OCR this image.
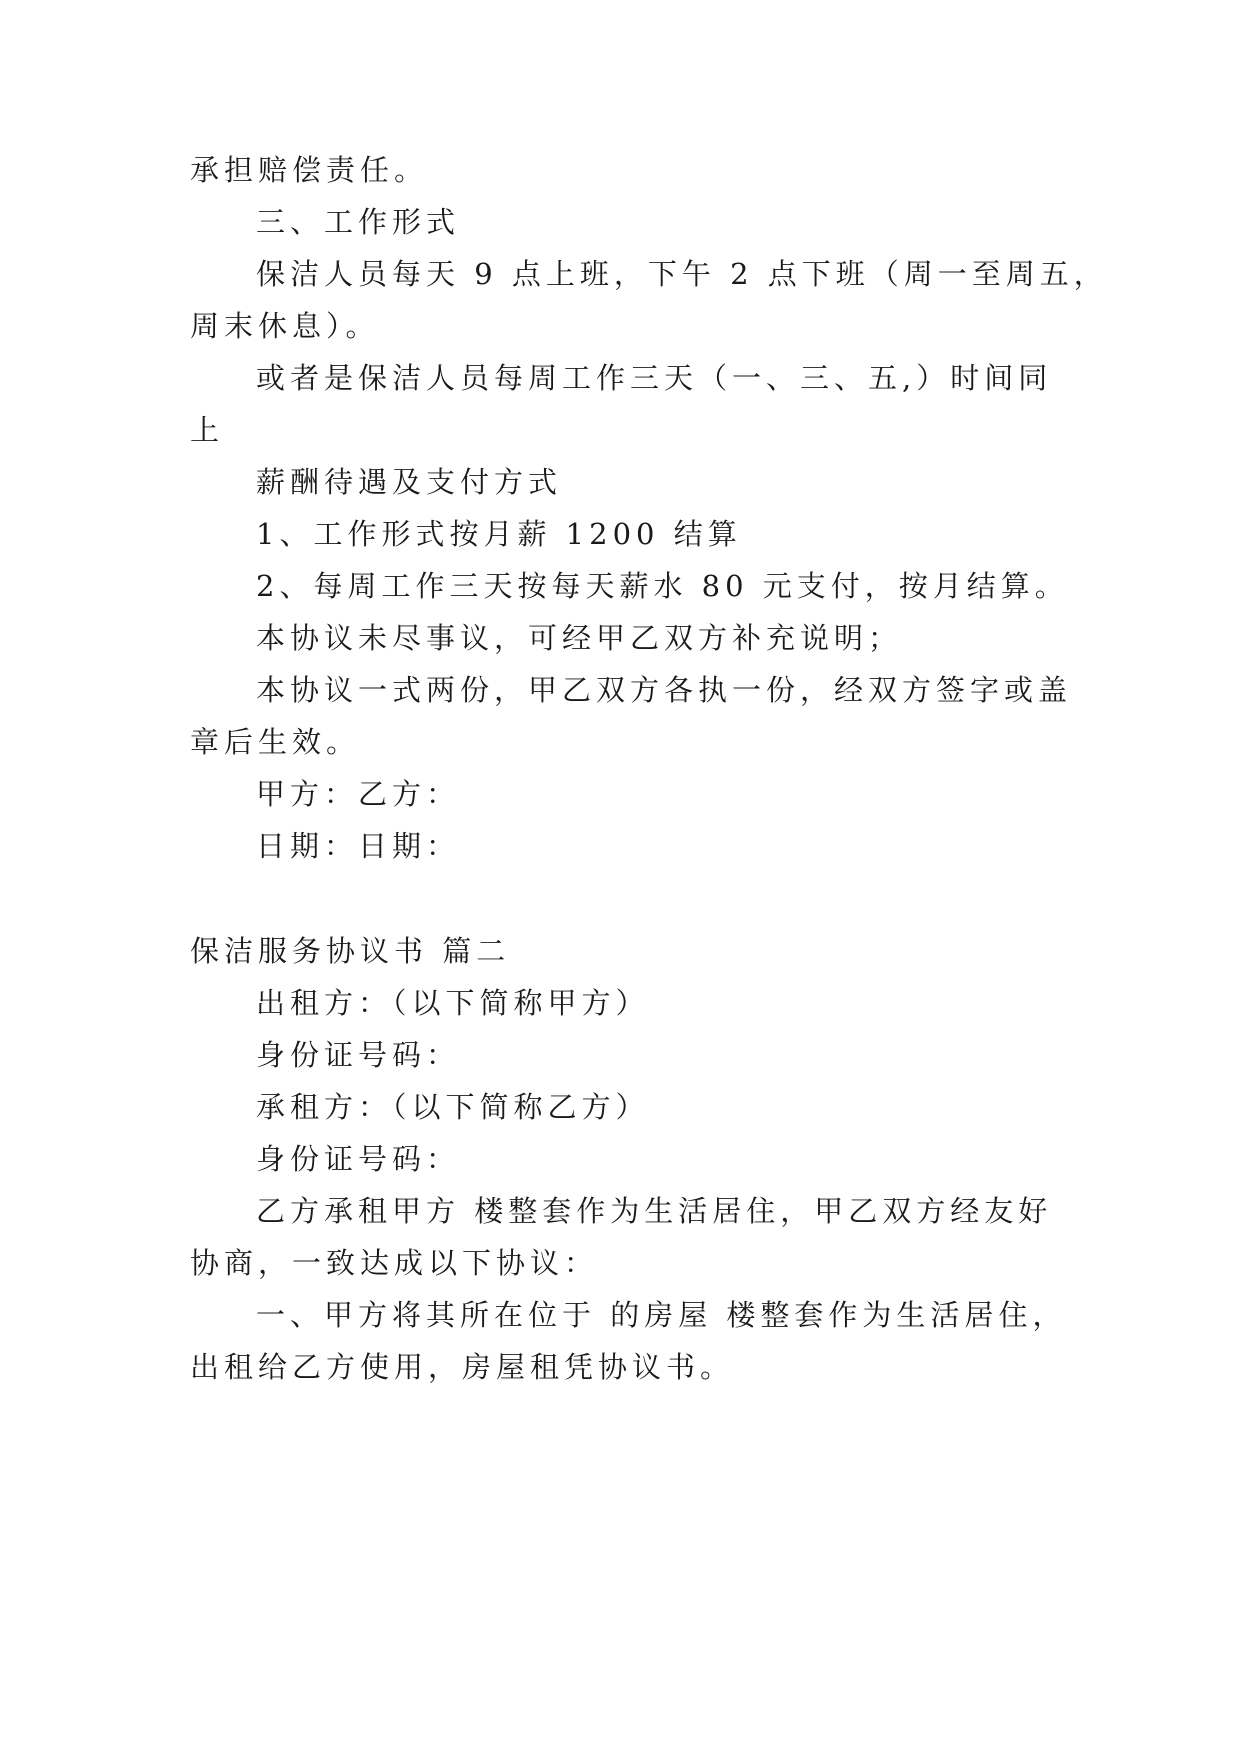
承担赔偿责任。
三、工作形式
保洁人员每天 9 点上班，下午 2 点下班（周一至周五，
周末休息）。
或者是保洁人员每周工作三天（一、三、五,）时间同
上
薪酬待遇及支付方式
1、工作形式按月薪 1200 结算
2、每周工作三天按每天薪水 80 元支付，按月结算。
本协议未尽事议，可经甲乙双方补充说明；
本协议一式两份，甲乙双方各执一份，经双方签字或盖
章后生效。
甲方：乙方：
日期：日期：
保洁服务协议书 篇二
出租方：（以下简称甲方）
身份证号码：
承租方：（以下简称乙方）
身份证号码：
乙方承租甲方 楼整套作为生活居住，甲乙双方经友好
协商，一致达成以下协议：
一、甲方将其所在位于 的房屋 楼整套作为生活居住，
出租给乙方使用，房屋租凭协议书。
